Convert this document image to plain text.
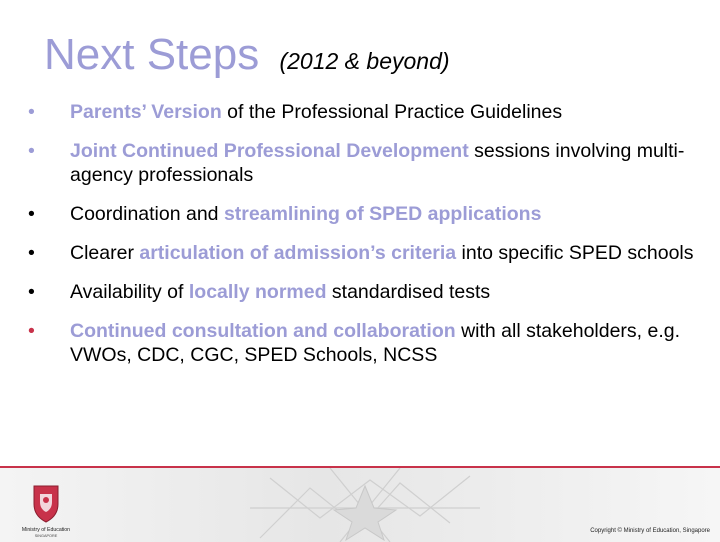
Next Steps (2012 & beyond)
•	Parents’ Version of the Professional Practice Guidelines
•	Joint Continued Professional Development sessions involving multi-agency professionals
•	Coordination and streamlining of SPED applications
•	Clearer articulation of admission’s criteria into specific SPED schools
•	Availability of locally normed standardised tests
•	Continued consultation and collaboration with all stakeholders, e.g. VWOs, CDC, CGC, SPED Schools, NCSS
Ministry of Education
SINGAPORE
Copyright © Ministry of Education, Singapore
